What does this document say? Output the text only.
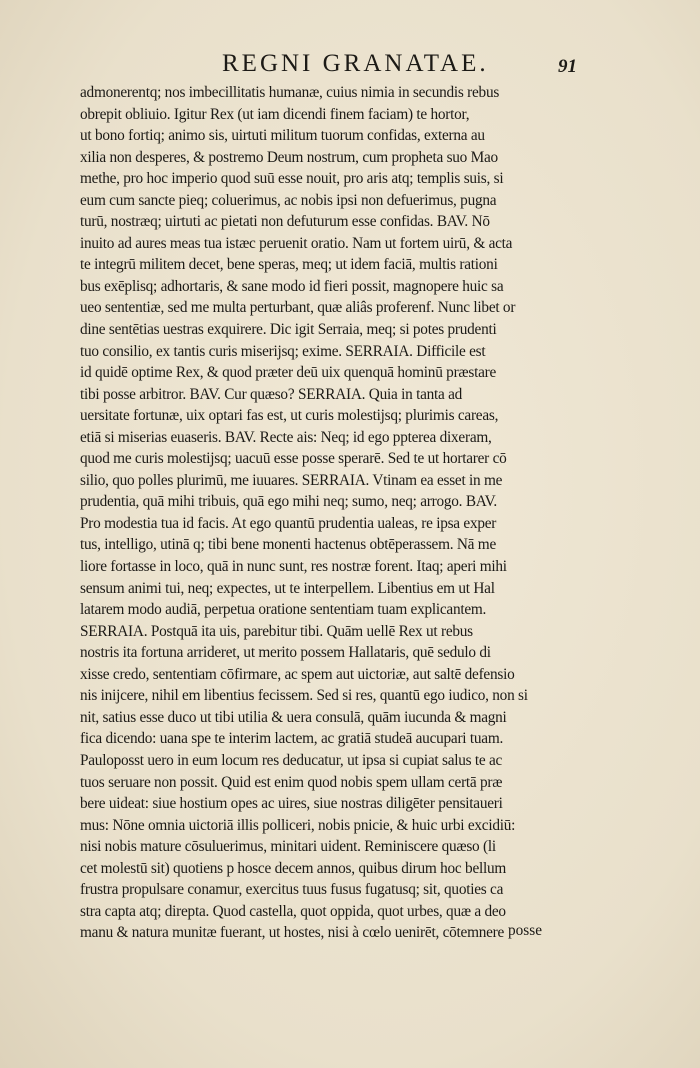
REGNI GRANATAE.	91
admonerentq; nos imbecillitatis humanæ, cuius nimia in secundis rebus
obrepit obliuio. Igitur Rex (ut iam dicendi finem faciam) te hortor,
ut bono fortiq; animo sis, uirtuti militum tuorum confidas, externa au
xilia non desperes, & postremo Deum nostrum, cum propheta suo Mao
methe, pro hoc imperio quod suū esse nouit, pro aris atq; templis suis, si
eum cum sancte pieq; coluerimus, ac nobis ipsi non defuerimus, pugna
turū, nostræq; uirtuti ac pietati non defuturum esse confidas. BAV. Nō
inuito ad aures meas tua istæc peruenit oratio. Nam ut fortem uirū, & acta
te integrū militem decet, bene speras, meq; ut idem faciā, multis rationi
bus exēplisq; adhortaris, & sane modo id fieri possit, magnopere huic sa
ueo sententiæ, sed me multa perturbant, quæ aliâs proferenf. Nunc libet or
dine sentētias uestras exquirere. Dic igit Serraia, meq; si potes prudenti
tuo consilio, ex tantis curis miserijsq; exime. SERRAIA. Difficile est
id quidē optime Rex, & quod præter deū uix quenquā hominū præstare
tibi posse arbitror. BAV. Cur quæso? SERRAIA. Quia in tanta ad
uersitate fortunæ, uix optari fas est, ut curis molestijsq; plurimis careas,
etiā si miserias euaseris. BAV. Recte ais: Neq; id ego ppterea dixeram,
quod me curis molestijsq; uacuū esse posse sperarē. Sed te ut hortarer cō
silio, quo polles plurimū, me iuuares. SERRAIA. Vtinam ea esset in me
prudentia, quā mihi tribuis, quā ego mihi neq; sumo, neq; arrogo. BAV.
Pro modestia tua id facis. At ego quantū prudentia ualeas, re ipsa exper
tus, intelligo, utinā q; tibi bene monenti hactenus obtēperassem. Nā me
liore fortasse in loco, quā in nunc sunt, res nostræ forent. Itaq; aperi mihi
sensum animi tui, neq; expectes, ut te interpellem. Libentius em ut Hal
latarem modo audiā, perpetua oratione sententiam tuam explicantem.
SERRAIA. Postquā ita uis, parebitur tibi. Quām uellē Rex ut rebus
nostris ita fortuna arrideret, ut merito possem Hallataris, quē sedulo di
xisse credo, sententiam cōfirmare, ac spem aut uictoriæ, aut saltē defensio
nis inijcere, nihil em libentius fecissem. Sed si res, quantū ego iudico, non si
nit, satius esse duco ut tibi utilia & uera consulā, quām iucunda & magni
fica dicendo: uana spe te interim lactem, ac gratiā studeā aucupari tuam.
Pauloposst uero in eum locum res deducatur, ut ipsa si cupiat salus te ac
tuos seruare non possit. Quid est enim quod nobis spem ullam certā præ
bere uideat: siue hostium opes ac uires, siue nostras diligēter pensitaueri
mus: Nōne omnia uictoriā illis polliceri, nobis pnicie, & huic urbi excidiū:
nisi nobis mature cōsuluerimus, minitari uident. Reminiscere quæso (li
cet molestū sit) quotiens p hosce decem annos, quibus dirum hoc bellum
frustra propulsare conamur, exercitus tuus fusus fugatusq; sit, quoties ca
stra capta atq; direpta. Quod castella, quot oppida, quot urbes, quæ a deo
manu & natura munitæ fuerant, ut hostes, nisi à cœlo uenirēt, cōtemnere posse
